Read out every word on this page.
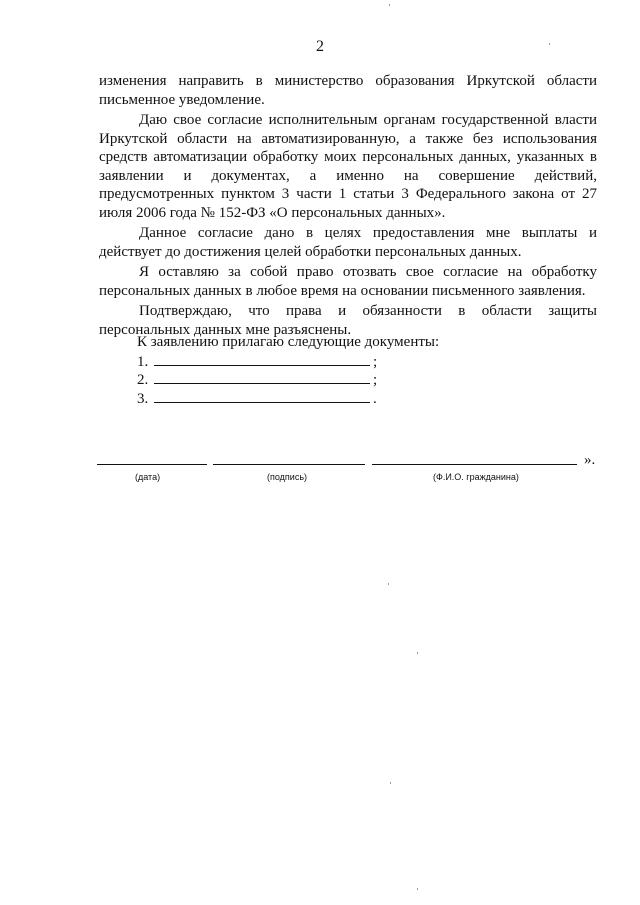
2

изменения направить в министерство образования Иркутской области письменное уведомление.

Даю свое согласие исполнительным органам государственной власти Иркутской области на автоматизированную, а также без использования средств автоматизации обработку моих персональных данных, указанных в заявлении и документах, а именно на совершение действий, предусмотренных пунктом 3 части 1 статьи 3 Федерального закона от 27 июля 2006 года № 152-ФЗ «О персональных данных».

Данное согласие дано в целях предоставления мне выплаты и действует до достижения целей обработки персональных данных.

Я оставляю за собой право отозвать свое согласие на обработку персональных данных в любое время на основании письменного заявления.

Подтверждаю, что права и обязанности в области защиты персональных данных мне разъяснены.

К заявлению прилагаю следующие документы:
1.	;
2.	;
3.	.
».
(дата)	(подпись)	(Ф.И.О. гражданина)
